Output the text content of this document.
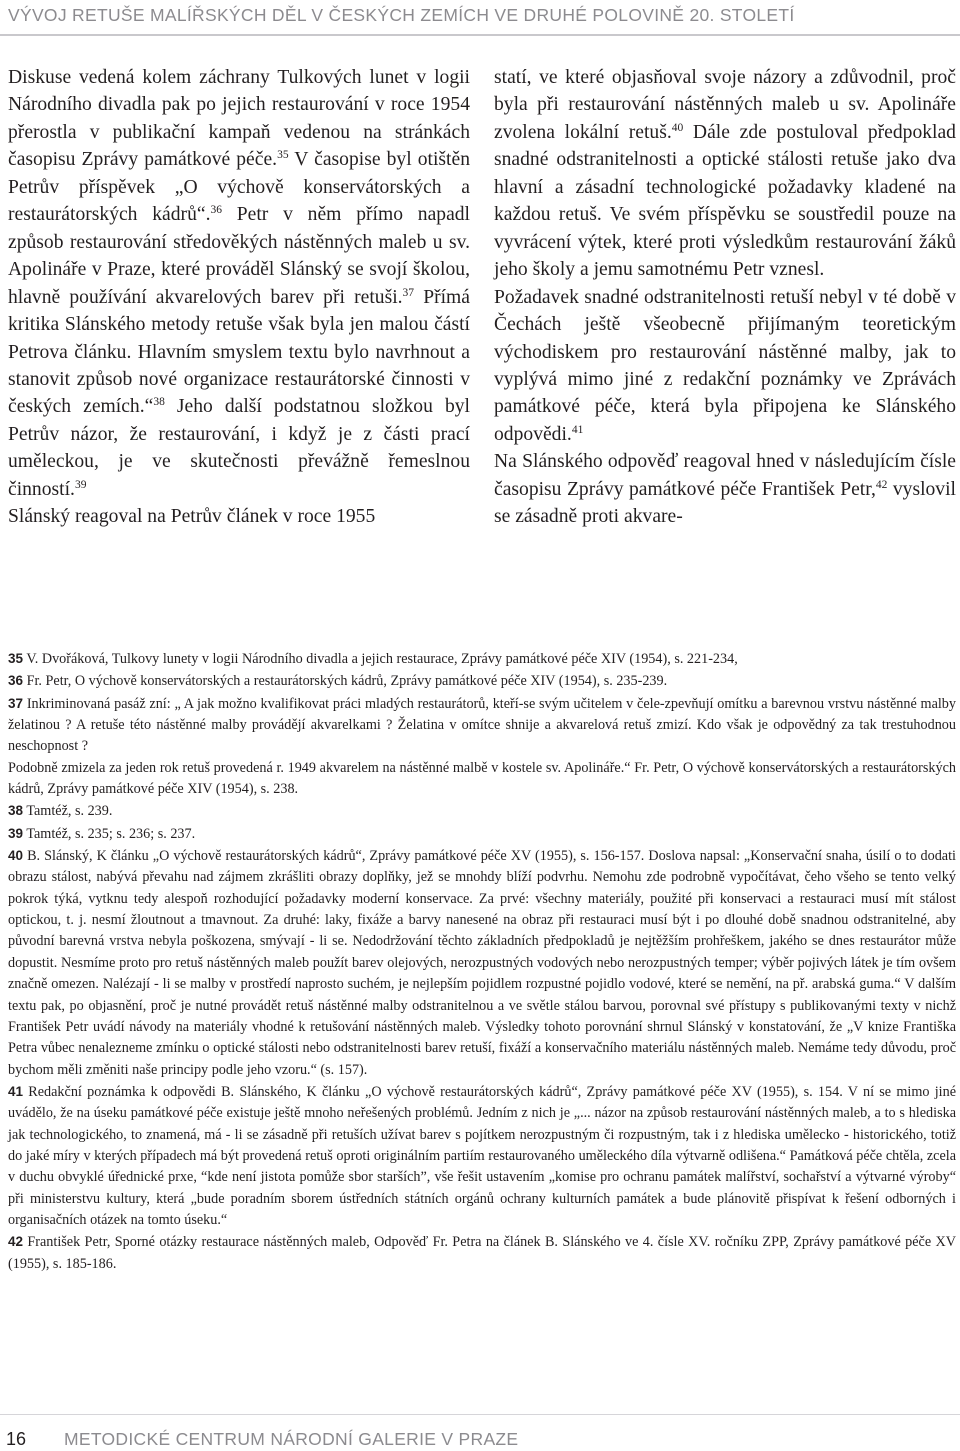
VÝVOJ RETUŠE MALÍŘSKÝCH DĚL V ČESKÝCH ZEMÍCH VE DRUHÉ POLOVINĚ 20. STOLETÍ

Diskuse vedená kolem záchrany Tulkových lunet v logii Národního divadla pak po jejich restaurování v roce 1954 přerostla v publikační kampaň vedenou na stránkách časopisu Zprávy památkové péče.$^{35}$ V časopise byl otištěn Petrův příspěvek „O výchově konservátorských a restaurátorských kádrů“.$^{36}$ Petr v něm přímo napadl způsob restaurování středověkých nástěnných maleb u sv. Apolináře v Praze, které prováděl Slánský se svojí školou, hlavně používání akvarelových barev při retuši.$^{37}$ Přímá kritika Slánského metody retuše však byla jen malou částí Petrova článku. Hlavním smyslem textu bylo navrhnout a stanovit způsob nové organizace restaurátorské činnosti v českých zemích.“$^{38}$ Jeho další podstatnou složkou byl Petrův názor, že restaurování, i když je z části prací uměleckou, je ve skutečnosti převážně řemeslnou činností.$^{39}$

Slánský reagoval na Petrův článek v roce 1955

statí, ve které objasňoval svoje názory a zdůvodnil, proč byla při restaurování nástěnných maleb u sv. Apolináře zvolena lokální retuš.$^{40}$ Dále zde postuloval předpoklad snadné odstranitelnosti a optické stálosti retuše jako dva hlavní a zásadní technologické požadavky kladené na každou retuš. Ve svém příspěvku se soustředil pouze na vyvrácení výtek, které proti výsledkům restaurování žáků jeho školy a jemu samotnému Petr vznesl.

Požadavek snadné odstranitelnosti retuší nebyl v té době v Čechách ještě všeobecně přijímaným teoretickým východiskem pro restaurování nástěnné malby, jak to vyplývá mimo jiné z redakční poznámky ve Zprávách památkové péče, která byla připojena ke Slánského odpovědi.$^{41}$

Na Slánského odpověď reagoval hned v následujícím čísle časopisu Zprávy památkové péče František Petr,$^{42}$ vyslovil se zásadně proti akvare-

35 V. Dvořáková, Tulkovy lunety v logii Národního divadla a jejich restaurace, Zprávy památkové péče XIV (1954), s. 221-234,

36 Fr. Petr, O výchově konservátorských a restaurátorských kádrů, Zprávy památkové péče XIV (1954), s. 235-239.

37 Inkriminovaná pasáž zní: „ A jak možno kvalifikovat práci mladých restaurátorů, kteří-se svým učitelem v čele-zpevňují omítku a barevnou vrstvu nástěnné malby želatinou ? A retuše této nástěnné malby provádějí akvarelkami ? Želatina v omítce shnije a akvarelová retuš zmizí. Kdo však je odpovědný za tak trestuhodnou neschopnost ?

Podobně zmizela za jeden rok retuš provedená r. 1949 akvarelem na nástěnné malbě v kostele sv. Apolináře.“ Fr. Petr, O výchově konservátorských a restaurátorských kádrů, Zprávy památkové péče XIV (1954), s. 238.

38 Tamtéž, s. 239.

39 Tamtéž, s. 235; s. 236; s. 237.

40 B. Slánský, K článku „O výchově restaurátorských kádrů“, Zprávy památkové péče XV (1955), s. 156-157. Doslova napsal: „Konservační snaha, úsilí o to dodati obrazu stálost, nabývá převahu nad zájmem zkrášliti obrazy doplňky, jež se mnohdy blíží podvrhu. Nemohu zde podrobně vypočítávat, čeho všeho se tento velký pokrok týká, vytknu tedy alespoň rozhodující požadavky moderní konservace. Za prvé: všechny materiály, použité při konservaci a restauraci musí mít stálost optickou, t. j. nesmí žloutnout a tmavnout. Za druhé: laky, fixáže a barvy nanesené na obraz při restauraci musí být i po dlouhé době snadnou odstranitelné, aby původní barevná vrstva nebyla poškozena, smývají - li se. Nedodržování těchto základních předpokladů je nejtěžším prohřeškem, jakého se dnes restaurátor může dopustit. Nesmíme proto pro retuš nástěnných maleb použít barev olejových, nerozpustných vodových nebo nerozpustných temper; výběr pojivých látek je tím ovšem značně omezen. Nalézají - li se malby v prostředí naprosto suchém, je nejlepším pojidlem rozpustné pojidlo vodové, které se nemění, na př. arabská guma.“ V dalším textu pak, po objasnění, proč je nutné provádět retuš nástěnné malby odstranitelnou a ve světle stálou barvou, porovnal své přístupy s publikovanými texty v nichž František Petr uvádí návody na materiály vhodné k retušování nástěnných maleb. Výsledky tohoto porovnání shrnul Slánský v konstatování, že „V knize Františka Petra vůbec nenalezneme zmínku o optické stálosti nebo odstranitelnosti barev retuší, fixáží a konservačního materiálu nástěnných maleb. Nemáme tedy důvodu, proč bychom měli změniti naše principy podle jeho vzoru.“ (s. 157).

41 Redakční poznámka k odpovědi B. Slánského, K článku „O výchově restaurátorských kádrů“, Zprávy památkové péče XV (1955), s. 154. V ní se mimo jiné uvádělo, že na úseku památkové péče existuje ještě mnoho neřešených problémů. Jedním z nich je „... názor na způsob restaurování nástěnných maleb, a to s hlediska jak technologického, to znamená, má - li se zásadně při retuších užívat barev s pojítkem nerozpustným či rozpustným, tak i z hlediska umělecko - historického, totiž do jaké míry v kterých případech má být provedená retuš oproti originálním partiím restaurovaného uměleckého díla výtvarně odlišena.“ Památková péče chtěla, zcela v duchu obvyklé úřednické prxe, “kde není jistota pomůže sbor starších”, vše řešit ustavením „komise pro ochranu památek malířství, sochařství a výtvarné výroby“ při ministerstvu kultury, která „bude poradním sborem ústředních státních orgánů ochrany kulturních památek a bude plánovitě přispívat k řešení odborných i organisačních otázek na tomto úseku.“

42 František Petr, Sporné otázky restaurace nástěnných maleb, Odpověď Fr. Petra na článek B. Slánského ve 4. čísle XV. ročníku ZPP, Zprávy památkové péče XV (1955), s. 185-186.

16 METODICKÉ CENTRUM NÁRODNÍ GALERIE V PRAZE
